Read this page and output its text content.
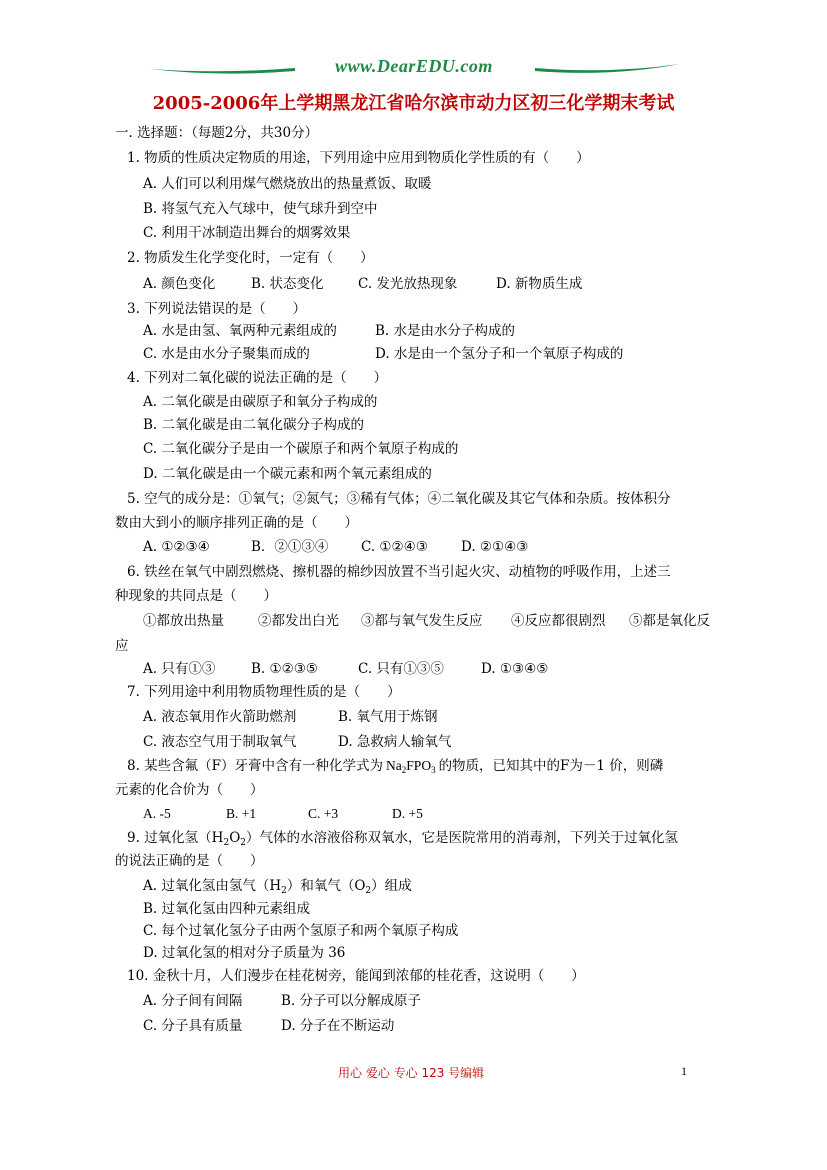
www.DearEDU.com
2005-2006年上学期黑龙江省哈尔滨市动力区初三化学期末考试
一. 选择题：（每题2分，共30分）
1. 物质的性质决定物质的用途，下列用途中应用到物质化学性质的有（　　）
A. 人们可以利用煤气燃烧放出的热量煮饭、取暖
B. 将氢气充入气球中，使气球升到空中
C. 利用干冰制造出舞台的烟雾效果
2. 物质发生化学变化时，一定有（　　）
A. 颜色变化	B. 状态变化	C. 发光放热现象	D. 新物质生成
3. 下列说法错误的是（　　）
A. 水是由氢、氧两种元素组成的	B. 水是由水分子构成的
C. 水是由水分子聚集而成的	D. 水是由一个氢分子和一个氧原子构成的
4. 下列对二氧化碳的说法正确的是（　　）
A. 二氧化碳是由碳原子和氧分子构成的
B. 二氧化碳是由二氧化碳分子构成的
C. 二氧化碳分子是由一个碳原子和两个氧原子构成的
D. 二氧化碳是由一个碳元素和两个氧元素组成的
5. 空气的成分是：①氧气；②氮气；③稀有气体；④二氧化碳及其它气体和杂质。按体积分
数由大到小的顺序排列正确的是（　　）
A. ①②③④	B．②①③④ C. ①②④③ D. ②①④③
6. 铁丝在氧气中剧烈燃烧、擦机器的棉纱因放置不当引起火灾、动植物的呼吸作用，上述三
种现象的共同点是（　　）
①都放出热量	②都发出白光 ③都与氧气发生反应 ④反应都很剧烈 ⑤都是氧化反
应
A. 只有①③	B. ①②③⑤	C. 只有①③⑤	D. ①③④⑤
7. 下列用途中利用物质物理性质的是（　　）
A. 液态氧用作火箭助燃剂	B. 氧气用于炼钢
C. 液态空气用于制取氧气	D. 急救病人输氧气
8. 某些含氟（F）牙膏中含有一种化学式为 $Na_2FPO_3$ 的物质，已知其中的F为－1 价，则磷
元素的化合价为（　　）
A. -5	B. +1	C. +3	D. +5
9. 过氧化氢$(H_2O_2)$气体的水溶液俗称双氧水，它是医院常用的消毒剂，下列关于过氧化氢
的说法正确的是（　　）
A. 过氧化氢由氢气$(H_2)$和氧气$(O_2)$组成
B. 过氧化氢由四种元素组成
C. 每个过氧化氢分子由两个氢原子和两个氧原子构成
D. 过氧化氢的相对分子质量为 36
10. 金秋十月，人们漫步在桂花树旁，能闻到浓郁的桂花香，这说明（　　）
A. 分子间有间隔	B. 分子可以分解成原子
C. 分子具有质量	D. 分子在不断运动
用心 爱心 专心 123 号编辑	1
